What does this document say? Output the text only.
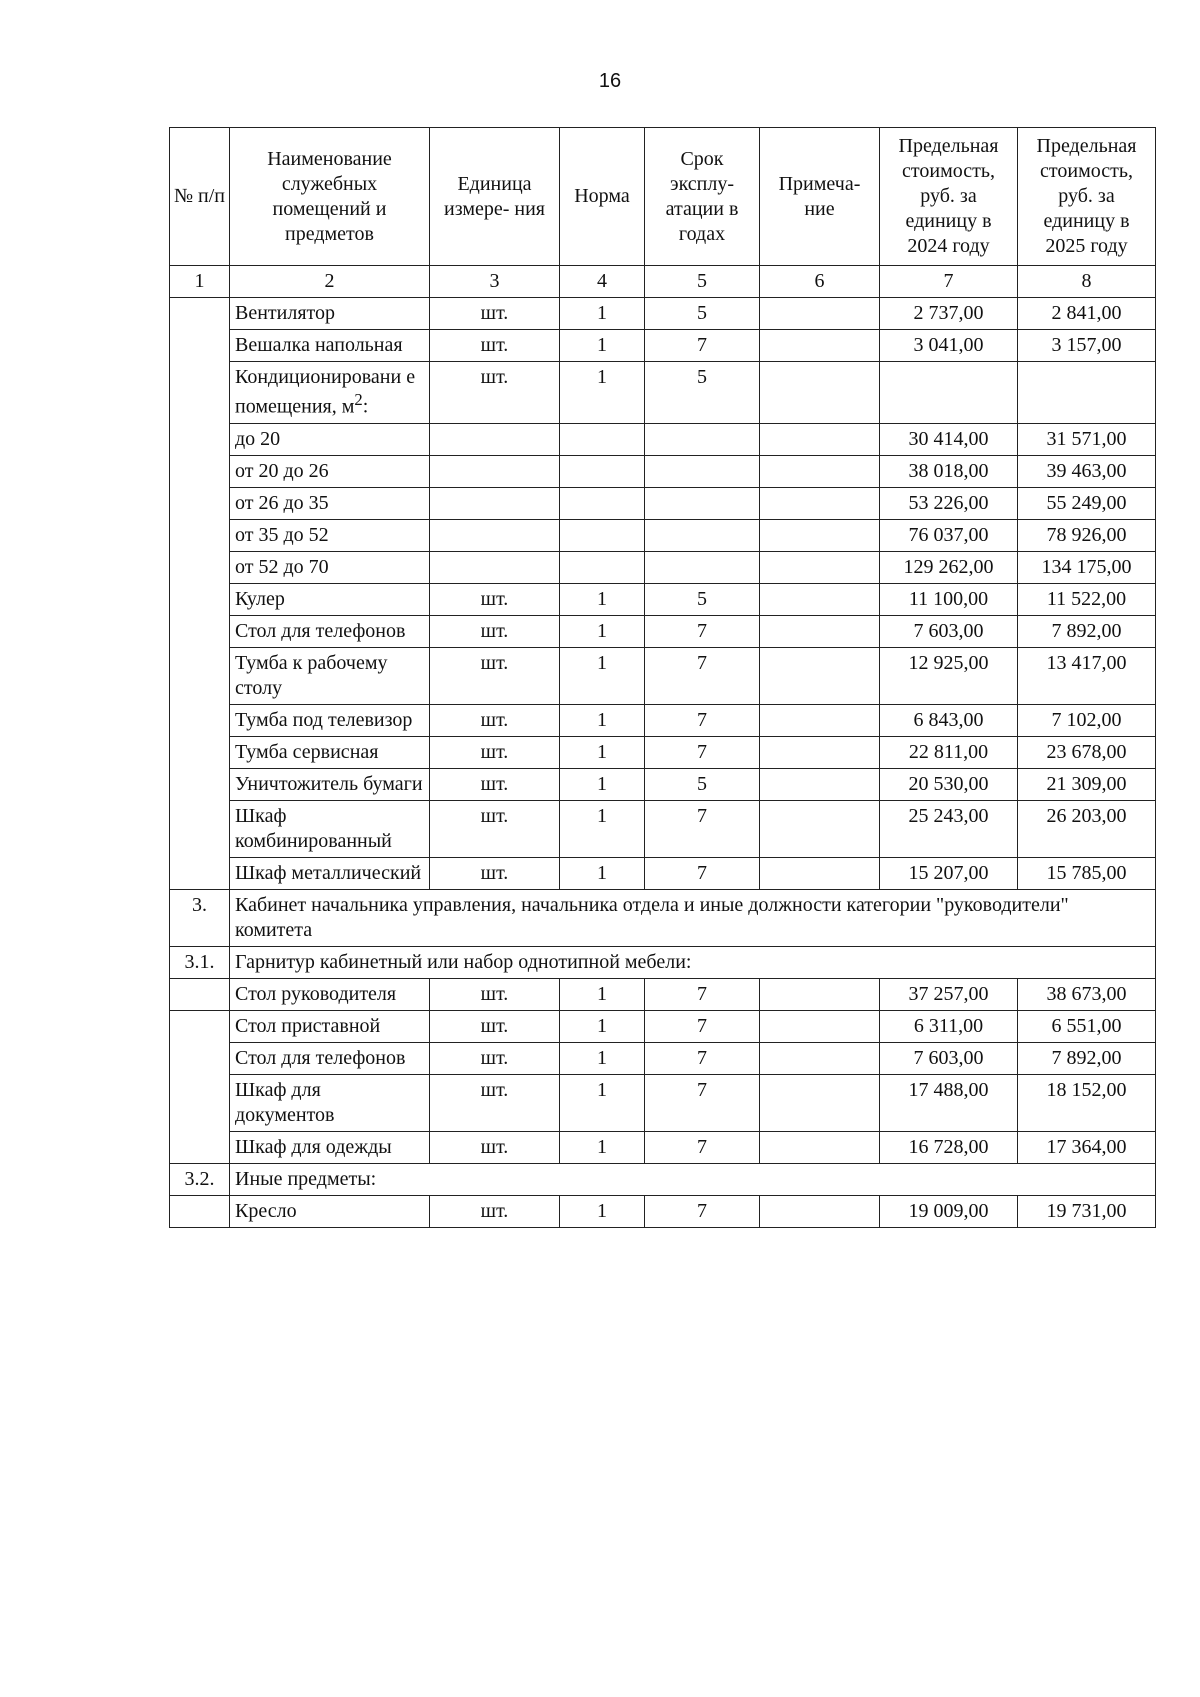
16
№ п/п	Наименование служебных помещений и предметов	Единица измере- ния	Норма	Срок эксплу- атации в годах	Примеча- ние	Предельная стоимость, руб. за единицу в 2024 году	Предельная стоимость, руб. за единицу в 2025 году
1	2	3	4	5	6	7	8
	Вентилятор	шт.	1	5		2 737,00	2 841,00
	Вешалка напольная	шт.	1	7		3 041,00	3 157,00
	Кондиционировани е помещения, $м^2$:	шт.	1	5			
	до 20					30 414,00	31 571,00
	от 20 до 26					38 018,00	39 463,00
	от 26 до 35					53 226,00	55 249,00
	от 35 до 52					76 037,00	78 926,00
	от 52 до 70					129 262,00	134 175,00
	Кулер	шт.	1	5		11 100,00	11 522,00
	Стол для телефонов	шт.	1	7		7 603,00	7 892,00
	Тумба к рабочему столу	шт.	1	7		12 925,00	13 417,00
	Тумба под телевизор	шт.	1	7		6 843,00	7 102,00
	Тумба сервисная	шт.	1	7		22 811,00	23 678,00
	Уничтожитель бумаги	шт.	1	5		20 530,00	21 309,00
	Шкаф комбинированный	шт.	1	7		25 243,00	26 203,00
	Шкаф металлический	шт.	1	7		15 207,00	15 785,00
3.	Кабинет начальника управления, начальника отдела и иные должности категории "руководители" комитета						
3.1.	Гарнитур кабинетный или набор однотипной мебели:						
	Стол руководителя	шт.	1	7		37 257,00	38 673,00
	Стол приставной	шт.	1	7		6 311,00	6 551,00
	Стол для телефонов	шт.	1	7		7 603,00	7 892,00
	Шкаф для документов	шт.	1	7		17 488,00	18 152,00
	Шкаф для одежды	шт.	1	7		16 728,00	17 364,00
3.2.	Иные предметы:						
	Кресло	шт.	1	7		19 009,00	19 731,00
